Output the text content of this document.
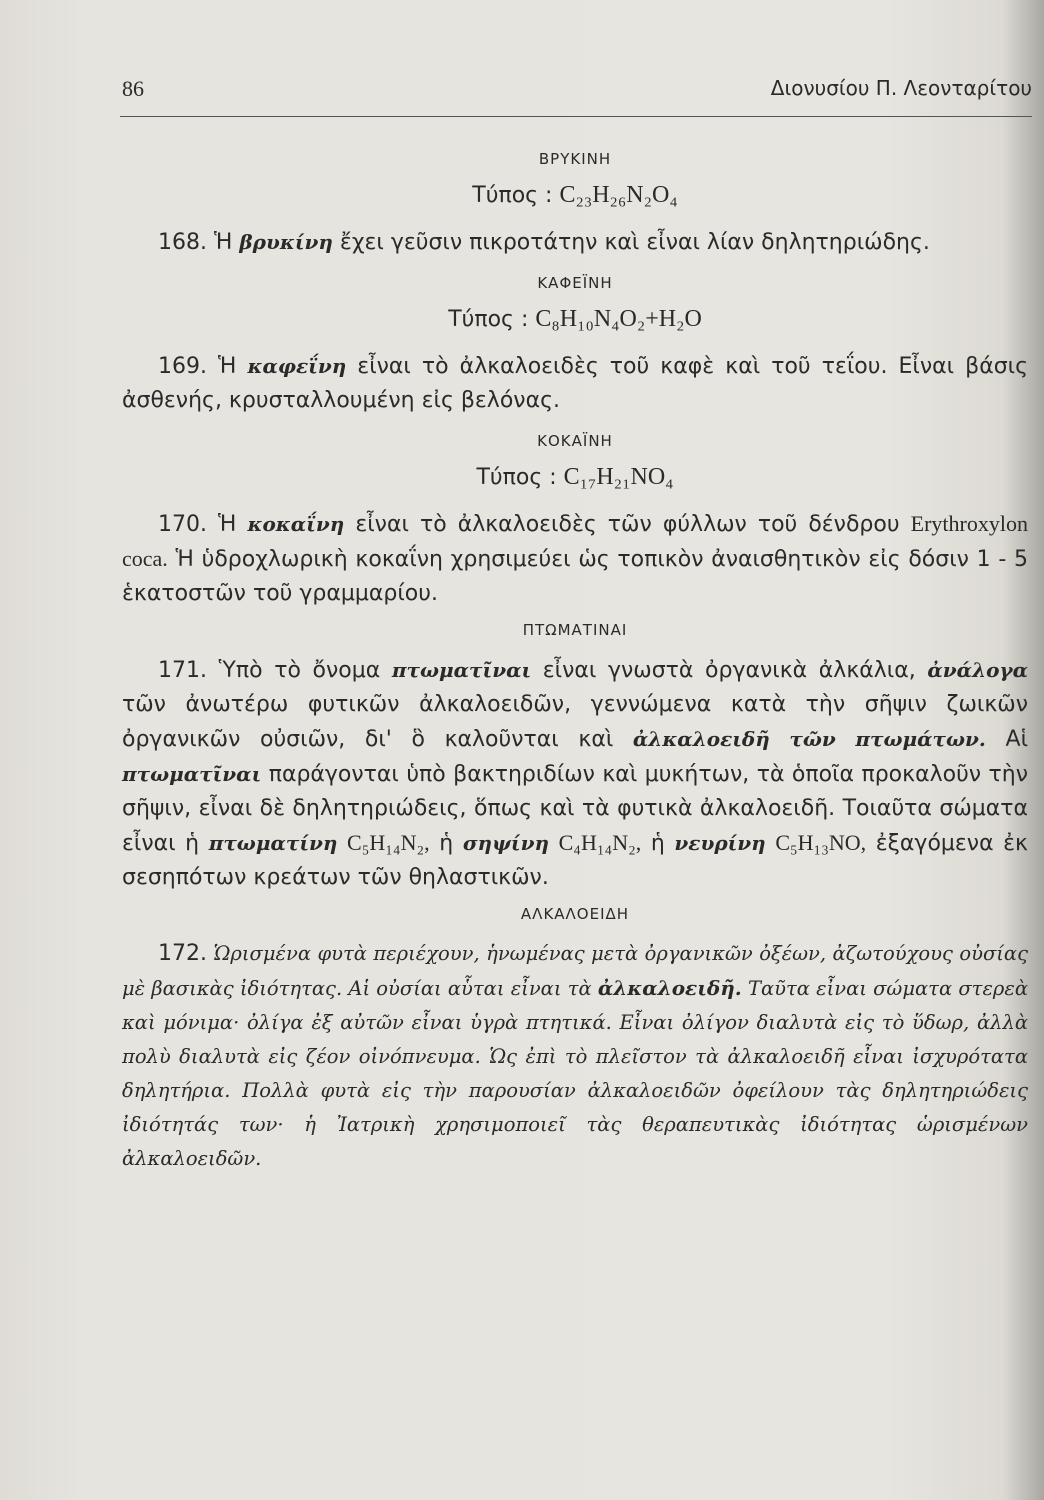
86	Διονυσίου Π. Λεονταρίτου
ΒΡΥΚΙΝΗ
Τύπος : C₂₃H₂₆N₂O₄

168. Ἡ βρυκίνη ἔχει γεῦσιν πικροτάτην καὶ εἶναι λίαν δηλητηριώδης.

ΚΑΦΕΪΝΗ
Τύπος : C₈H₁₀N₄O₂+H₂O

169. Ἡ καφεΐνη εἶναι τὸ ἀλκαλοειδὲς τοῦ καφὲ καὶ τοῦ τεΐου. Εἶναι βάσις ἀσθενής, κρυσταλλουμένη εἰς βελόνας.

ΚΟΚΑΪΝΗ
Τύπος : C₁₇H₂₁NO₄

170. Ἡ κοκαΐνη εἶναι τὸ ἀλκαλοειδὲς τῶν φύλλων τοῦ δένδρου Erythroxylon coca. Ἡ ὑδροχλωρικὴ κοκαΐνη χρησιμεύει ὡς τοπικὸν ἀναισθητικὸν εἰς δόσιν 1 - 5 ἑκατοστῶν τοῦ γραμμαρίου.

ΠΤΩΜΑΤΙΝΑΙ

171. Ὑπὸ τὸ ὄνομα πτωματῖναι εἶναι γνωστὰ ὀργανικὰ ἀλκάλια, ἀνάλογα τῶν ἀνωτέρω φυτικῶν ἀλκαλοειδῶν, γεννώμενα κατὰ τὴν σῆψιν ζωικῶν ὀργανικῶν οὐσιῶν, δι' ὃ καλοῦνται καὶ ἀλκαλοειδῆ τῶν πτωμάτων. Αἱ πτωματῖναι παράγονται ὑπὸ βακτηριδίων καὶ μυκήτων, τὰ ὁποῖα προκαλοῦν τὴν σῆψιν, εἶναι δὲ δηλητηριώδεις, ὅπως καὶ τὰ φυτικὰ ἀλκαλοειδῆ. Τοιαῦτα σώματα εἶναι ἡ πτωματίνη C₅H₁₄N₂, ἡ σηψίνη C₄H₁₄N₂, ἡ νευρίνη C₅H₁₃NO, ἐξαγόμενα ἐκ σεσηπότων κρεάτων τῶν θηλαστικῶν.

ΑΛΚΑΛΟΕΙΔΗ

172. Ὡρισμένα φυτὰ περιέχουν, ἡνωμένας μετὰ ὀργανικῶν ὀξέων, ἀζωτούχους οὐσίας μὲ βασικὰς ἰδιότητας. Αἱ οὐσίαι αὗται εἶναι τὰ ἀλκαλοειδῆ. Ταῦτα εἶναι σώματα στερεὰ καὶ μόνιμα· ὀλίγα ἐξ αὐτῶν εἶναι ὑγρὰ πτητικά. Εἶναι ὀλίγον διαλυτὰ εἰς τὸ ὕδωρ, ἀλλὰ πολὺ διαλυτὰ εἰς ζέον οἰνόπνευμα. Ὡς ἐπὶ τὸ πλεῖστον τὰ ἀλκαλοειδῆ εἶναι ἰσχυρότατα δηλητήρια. Πολλὰ φυτὰ εἰς τὴν παρουσίαν ἀλκαλοειδῶν ὀφείλουν τὰς δηλητηριώδεις ἰδιότητάς των· ἡ Ἰατρικὴ χρησιμοποιεῖ τὰς θεραπευτικὰς ἰδιότητας ὡρισμένων ἀλκαλοειδῶν.
